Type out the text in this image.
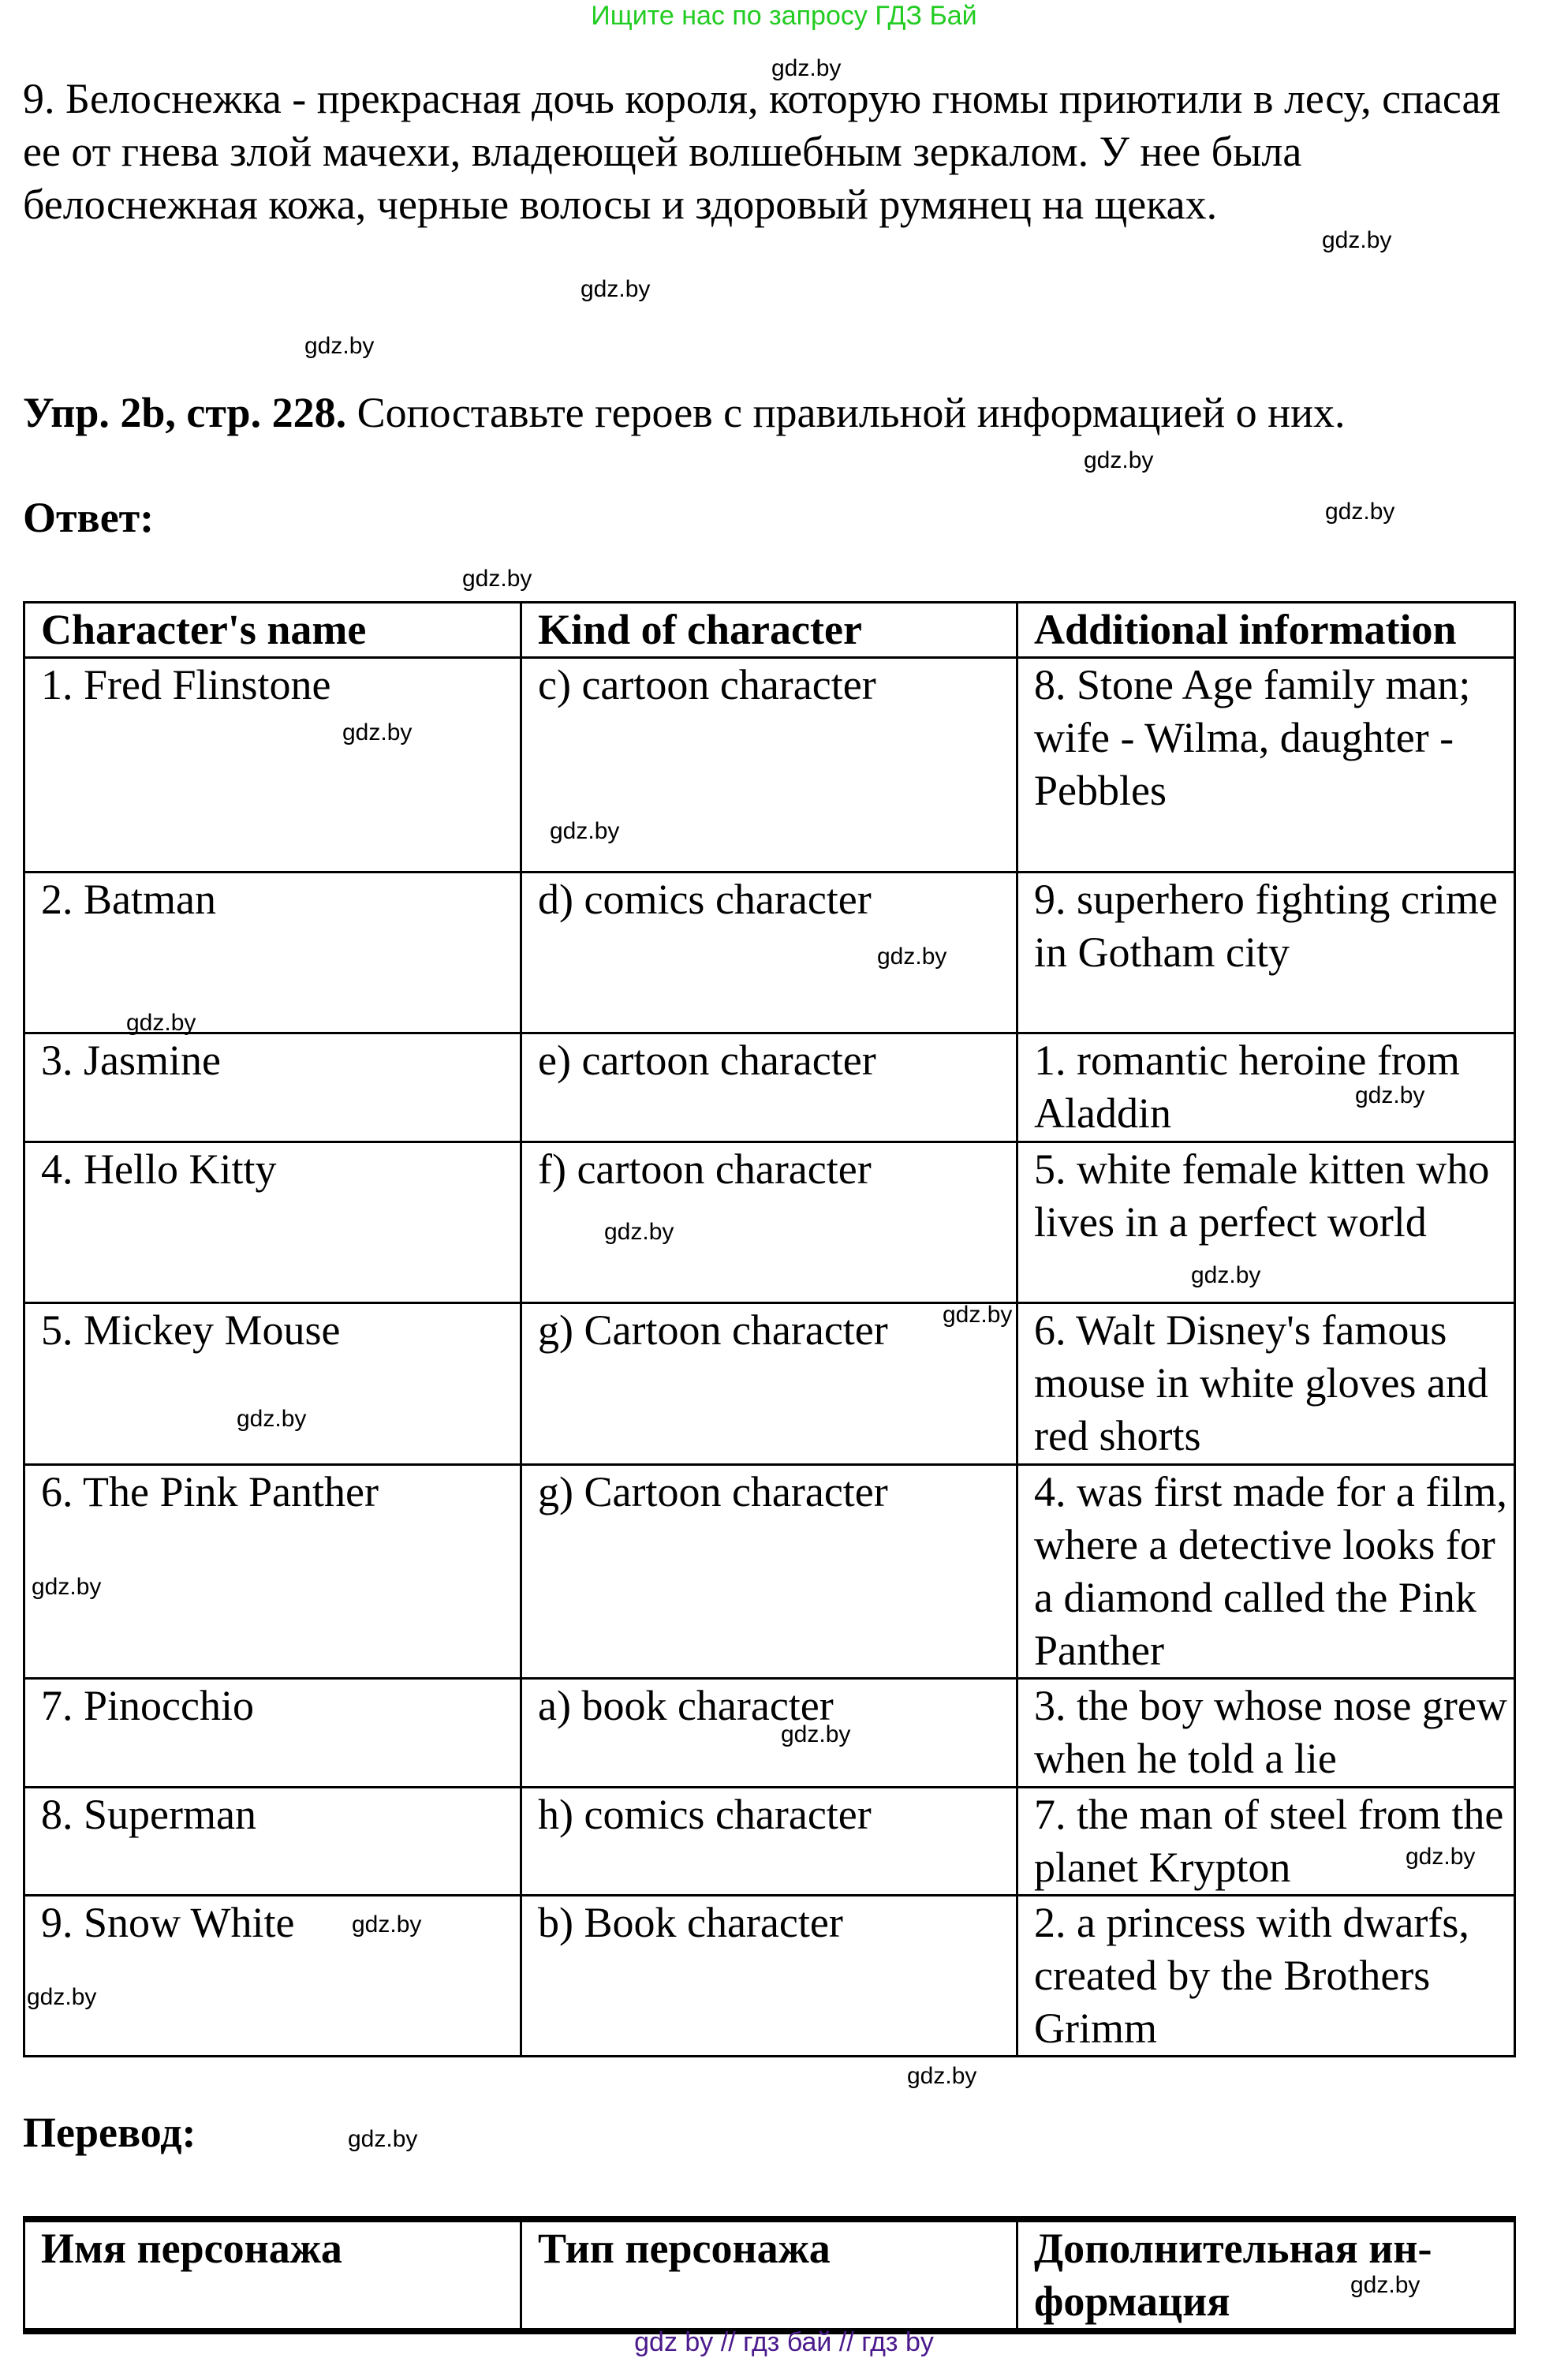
Ищите нас по запросу ГДЗ Бай
9. Белоснежка - прекрасная дочь короля, которую гномы приютили в лесу, спасая ее от гнева злой мачехи, владеющей волшебным зеркалом. У нее была белоснежная кожа, черные волосы и здоровый румянец на щеках.
Упр. 2b, стр. 228. Сопоставьте героев с правильной информацией о них.
Ответ:
Character's name	Kind of character	Additional information
1. Fred Flinstone	c) cartoon character	8. Stone Age family man; wife - Wilma, daughter - Pebbles
2. Batman	d) comics character	9. superhero fighting crime in Gotham city
3. Jasmine	e) cartoon character	1. romantic heroine from Aladdin
4. Hello Kitty	f) cartoon character	5. white female kitten who lives in a perfect world
5. Mickey Mouse	g) Cartoon character	6. Walt Disney's famous mouse in white gloves and red shorts
6. The Pink Panther	g) Cartoon character	4. was first made for a film, where a detective looks for a diamond called the Pink Panther
7. Pinocchio	a) book character	3. the boy whose nose grew when he told a lie
8. Superman	h) comics character	7. the man of steel from the planet Krypton
9. Snow White	b) Book character	2. a princess with dwarfs, created by the Brothers Grimm
Перевод:
Имя персонажа	Тип персонажа	Дополнительная ин-формация
gdz.by
gdz.by
gdz.by
gdz.by
gdz.by
gdz.by
gdz.by
gdz.by
gdz.by
gdz.by
gdz.by
gdz.by
gdz.by
gdz.by
gdz.by
gdz.by
gdz.by
gdz.by
gdz.by
gdz.by
gdz.by
gdz.by
gdz.by
gdz.by
gdz by // гдз бай // гдз by
